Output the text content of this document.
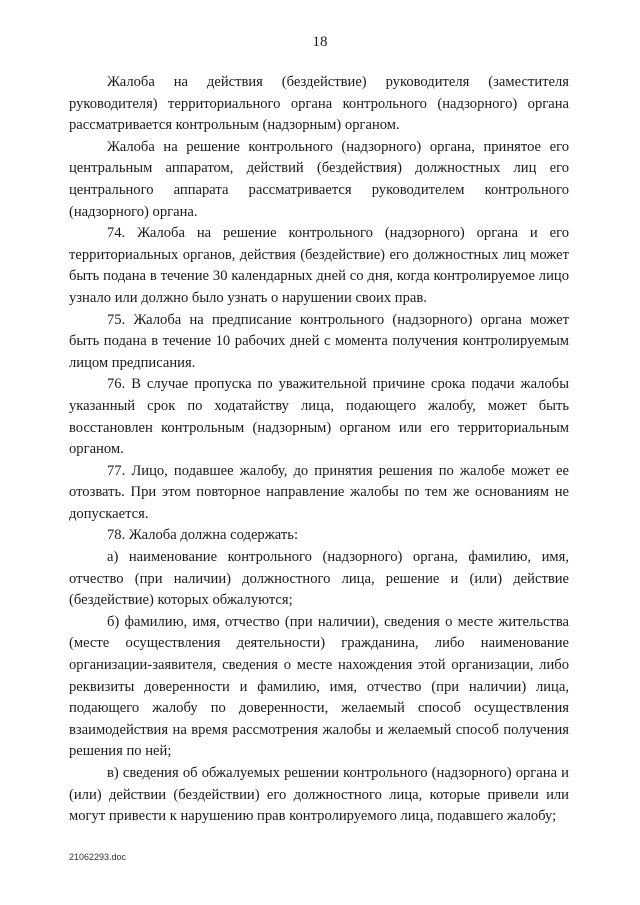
18

Жалоба на действия (бездействие) руководителя (заместителя руководителя) территориального органа контрольного (надзорного) органа рассматривается контрольным (надзорным) органом.

Жалоба на решение контрольного (надзорного) органа, принятое его центральным аппаратом, действий (бездействия) должностных лиц его центрального аппарата рассматривается руководителем контрольного (надзорного) органа.

74. Жалоба на решение контрольного (надзорного) органа и его территориальных органов, действия (бездействие) его должностных лиц может быть подана в течение 30 календарных дней со дня, когда контролируемое лицо узнало или должно было узнать о нарушении своих прав.

75. Жалоба на предписание контрольного (надзорного) органа может быть подана в течение 10 рабочих дней с момента получения контролируемым лицом предписания.

76. В случае пропуска по уважительной причине срока подачи жалобы указанный срок по ходатайству лица, подающего жалобу, может быть восстановлен контрольным (надзорным) органом или его территориальным органом.

77. Лицо, подавшее жалобу, до принятия решения по жалобе может ее отозвать. При этом повторное направление жалобы по тем же основаниям не допускается.

78. Жалоба должна содержать:

а) наименование контрольного (надзорного) органа, фамилию, имя, отчество (при наличии) должностного лица, решение и (или) действие (бездействие) которых обжалуются;

б) фамилию, имя, отчество (при наличии), сведения о месте жительства (месте осуществления деятельности) гражданина, либо наименование организации-заявителя, сведения о месте нахождения этой организации, либо реквизиты доверенности и фамилию, имя, отчество (при наличии) лица, подающего жалобу по доверенности, желаемый способ осуществления взаимодействия на время рассмотрения жалобы и желаемый способ получения решения по ней;

в) сведения об обжалуемых решении контрольного (надзорного) органа и (или) действии (бездействии) его должностного лица, которые привели или могут привести к нарушению прав контролируемого лица, подавшего жалобу;

21062293.doc
